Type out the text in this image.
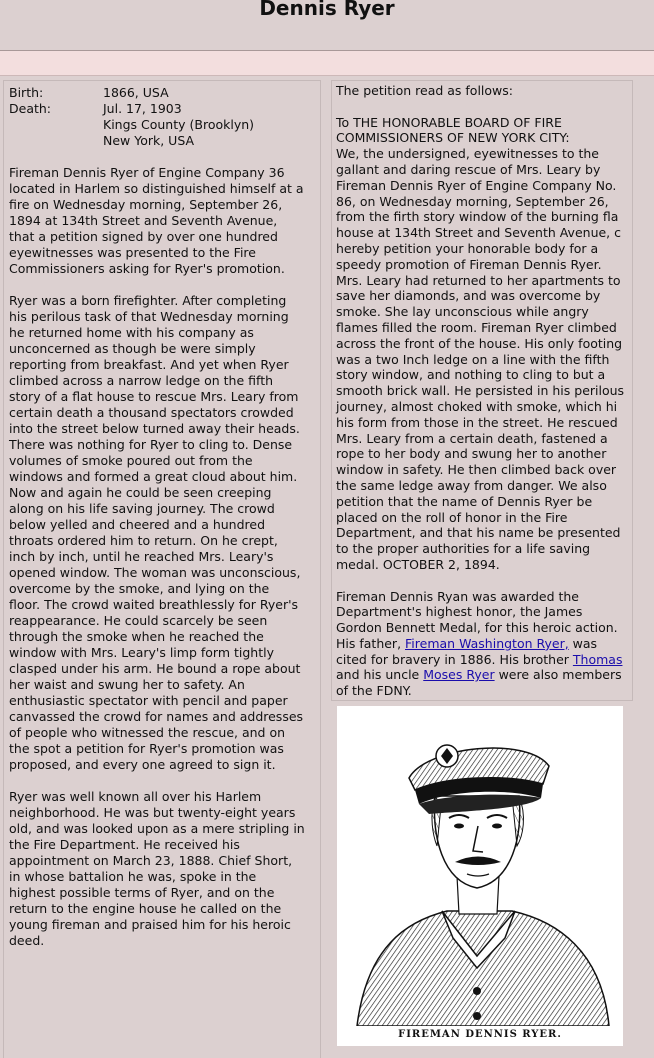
Dennis Ryer
Birth:	1866, USA
Death:	Jul. 17, 1903
Kings County (Brooklyn)
New York, USA

Fireman Dennis Ryer of Engine Company 36

located in Harlem so distinguished himself at a

fire on Wednesday morning, September 26,

1894 at 134th Street and Seventh Avenue,

that a petition signed by over one hundred

eyewitnesses was presented to the Fire

Commissioners asking for Ryer's promotion.

Ryer was a born firefighter. After completing

his perilous task of that Wednesday morning

he returned home with his company as

unconcerned as though be were simply

reporting from breakfast. And yet when Ryer

climbed across a narrow ledge on the fifth

story of a flat house to rescue Mrs. Leary from

certain death a thousand spectators crowded

into the street below turned away their heads.

There was nothing for Ryer to cling to. Dense

volumes of smoke poured out from the

windows and formed a great cloud about him.

Now and again he could be seen creeping

along on his life saving journey. The crowd

below yelled and cheered and a hundred

throats ordered him to return. On he crept,

inch by inch, until he reached Mrs. Leary's

opened window. The woman was unconscious,

overcome by the smoke, and lying on the

floor. The crowd waited breathlessly for Ryer's

reappearance. He could scarcely be seen

through the smoke when he reached the

window with Mrs. Leary's limp form tightly

clasped under his arm. He bound a rope about

her waist and swung her to safety. An

enthusiastic spectator with pencil and paper

canvassed the crowd for names and addresses

of people who witnessed the rescue, and on

the spot a petition for Ryer's promotion was

proposed, and every one agreed to sign it.

Ryer was well known all over his Harlem

neighborhood. He was but twenty-eight years

old, and was looked upon as a mere stripling in

the Fire Department. He received his

appointment on March 23, 1888. Chief Short,

in whose battalion he was, spoke in the

highest possible terms of Ryer, and on the

return to the engine house he called on the

young fireman and praised him for his heroic

deed.

The petition read as follows:

To THE HONORABLE BOARD OF FIRE

COMMISSIONERS OF NEW YORK CITY:

We, the undersigned, eyewitnesses to the

gallant and daring rescue of Mrs. Leary by

Fireman Dennis Ryer of Engine Company No.

86, on Wednesday morning, September 26,

from the firth story window of the burning fla

house at 134th Street and Seventh Avenue, c

hereby petition your honorable body for a

speedy promotion of Fireman Dennis Ryer.

Mrs. Leary had returned to her apartments to

save her diamonds, and was overcome by

smoke. She lay unconscious while angry

flames filled the room. Fireman Ryer climbed

across the front of the house. His only footing

was a two Inch ledge on a line with the fifth

story window, and nothing to cling to but a

smooth brick wall. He persisted in his perilous

journey, almost choked with smoke, which hi

his form from those in the street. He rescued

Mrs. Leary from a certain death, fastened a

rope to her body and swung her to another

window in safety. He then climbed back over

the same ledge away from danger. We also

petition that the name of Dennis Ryer be

placed on the roll of honor in the Fire

Department, and that his name be presented

to the proper authorities for a life saving

medal. OCTOBER 2, 1894.

Fireman Dennis Ryan was awarded the

Department's highest honor, the James

Gordon Bennett Medal, for this heroic action.

His father, Fireman Washington Ryer, was

cited for bravery in 1886. His brother Thomas

and his uncle Moses Ryer were also members

of the FDNY.

FIREMAN DENNIS RYER.
